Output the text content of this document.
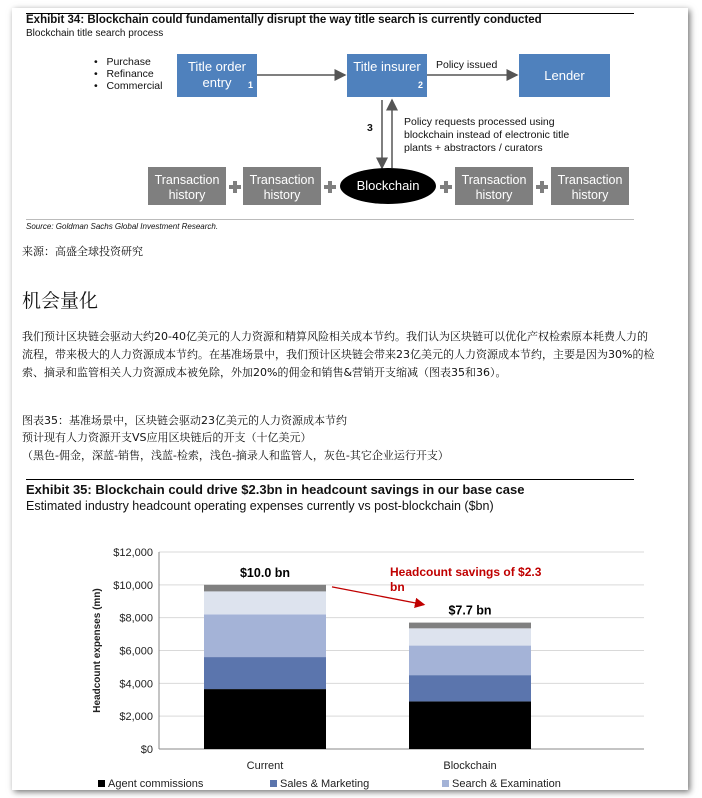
Exhibit 34: Blockchain could fundamentally disrupt the way title search is currently conducted
Blockchain title search process
•   Purchase
•   Refinance
•   Commercial
Title order entry 1
Title insurer
2
Lender
Policy issued
3	Policy requests processed using blockchain instead of electronic title plants + abstractors / curators
Blockchain
Transaction history
Transaction history
Transaction history
Transaction history
Source: Goldman Sachs Global Investment Research.
来源：高盛全球投资研究
机会量化
我们预计区块链会驱动大约20-40亿美元的人力资源和精算风险相关成本节约。我们认为区块链可以优化产权检索原本耗费人力的流程，带来极大的人力资源成本节约。在基准场景中，我们预计区块链会带来23亿美元的人力资源成本节约，主要是因为30%的检索、摘录和监管相关人力资源成本被免除，外加20%的佣金和销售&营销开支缩减（图表35和36）。
图表35：基准场景中，区块链会驱动23亿美元的人力资源成本节约
预计现有人力资源开支VS应用区块链后的开支（十亿美元）
（黑色-佣金，深蓝-销售，浅蓝-检索，浅色-摘录人和监管人，灰色-其它企业运行开支）
Exhibit 35: Blockchain could drive $2.3bn in headcount savings in our base case
Estimated industry headcount operating expenses currently vs post-blockchain ($bn)
$0
$2,000
$4,000
$6,000
$8,000
$10,000
$12,000
Headcount expenses (mn)
Current
$10.0 bn
Blockchain
$7.7 bn
Headcount savings of $2.3
bn
Agent commissions	Sales & Marketing	Search & Examination
